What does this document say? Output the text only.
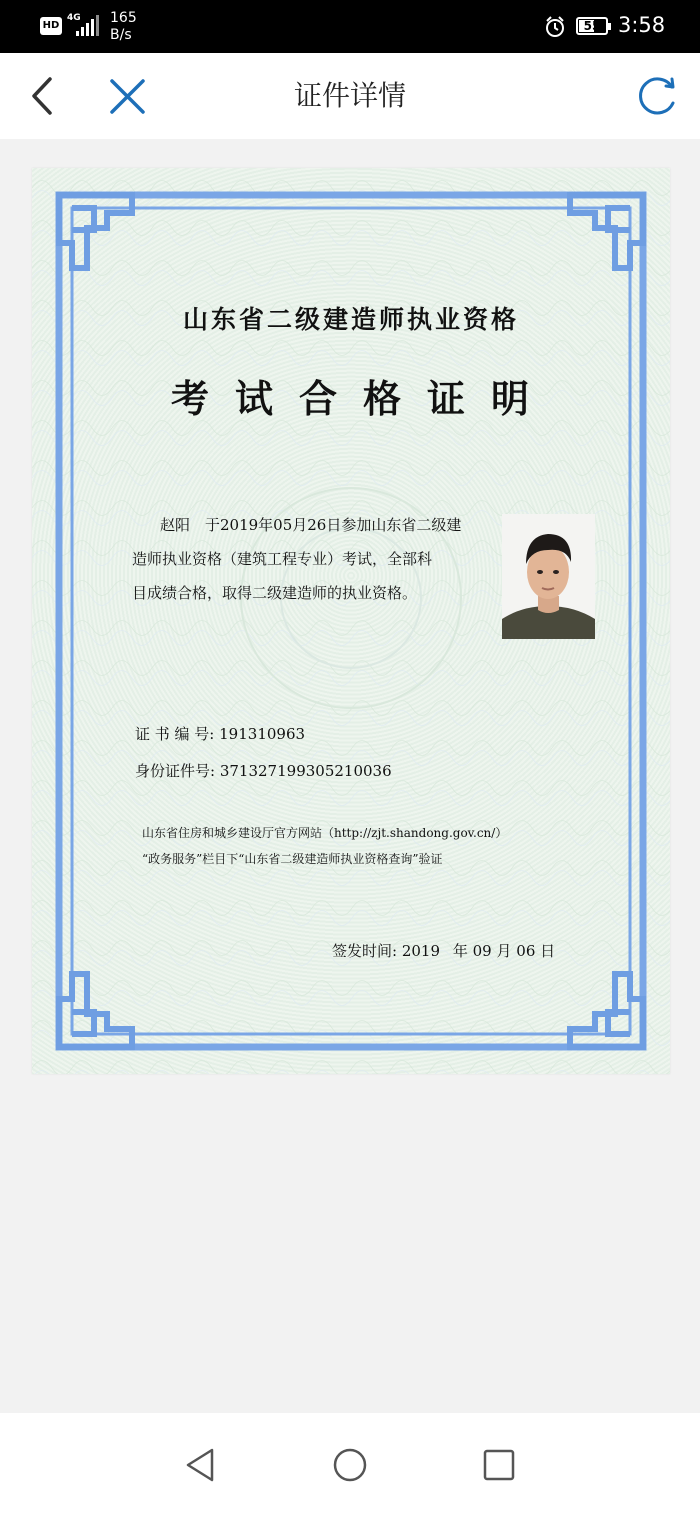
HD
4G 165
B/s
55 3:58
证件详情
山东省二级建造师执业资格
考试合格证明
赵阳　于2019年05月26日参加山东省二级建
造师执业资格（建筑工程专业）考试，全部科
目成绩合格，取得二级建造师的执业资格。
证 书 编 号: 191310963
身份证件号: 371327199305210036
山东省住房和城乡建设厅官方网站（http://zjt.shandong.gov.cn/）
“政务服务”栏目下“山东省二级建造师执业资格查询”验证
签发时间: 2019 年 09 月 06 日
